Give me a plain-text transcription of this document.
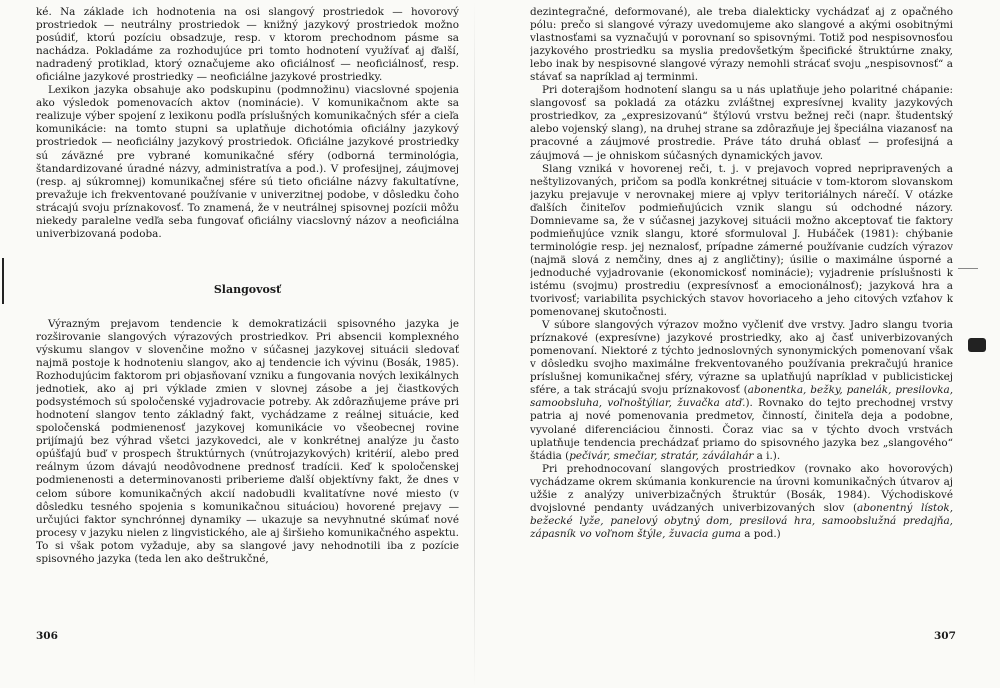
ké. Na základe ich hodnotenia na osi slangový prostriedok — hovorový prostriedok — neutrálny prostriedok — knižný jazykový prostriedok možno posúdiť, ktorú pozíciu obsadzuje, resp. v ktorom prechodnom pásme sa nachádza. Pokladáme za rozhodujúce pri tomto hodnotení využívať aj ďalší, nadradený protiklad, ktorý označujeme ako oficiálnosť — neoficiálnosť, resp. oficiálne jazykové prostriedky — neoficiálne jazykové prostriedky.

Lexikon jazyka obsahuje ako podskupinu (podmnožinu) viacslovné spojenia ako výsledok pomenovacích aktov (nominácie). V komunikačnom akte sa realizuje výber spojení z lexikonu podľa príslušných komunikačných sfér a cieľa komunikácie: na tomto stupni sa uplatňuje dichotómia oficiálny jazykový prostriedok — neoficiálny jazykový prostriedok. Oficiálne jazykové prostriedky sú záväzné pre vybrané komunikačné sféry (odborná terminológia, štandardizované úradné názvy, administratíva a pod.). V profesijnej, záujmovej (resp. aj súkromnej) komunikačnej sfére sú tieto oficiálne názvy fakultatívne, prevažuje ich frekventované používanie v univerzitnej podobe, v dôsledku čoho strácajú svoju príznakovosť. To znamená, že v neutrálnej spisovnej pozícii môžu niekedy paralelne vedľa seba fungovať oficiálny viacslovný názov a neoficiálna univerbizovaná podoba.

Slangovosť

Výrazným prejavom tendencie k demokratizácii spisovného jazyka je rozširovanie slangových výrazových prostriedkov. Pri absencii komplexného výskumu slangov v slovenčine možno v súčasnej jazykovej situácii sledovať najmä postoje k hodnoteniu slangov, ako aj tendencie ich vývinu (Bosák, 1985). Rozhodujúcim faktorom pri objasňovaní vzniku a fungovania nových lexikálnych jednotiek, ako aj pri výklade zmien v slovnej zásobe a jej čiastkových podsystémoch sú spoločenské vyjadrovacie potreby. Ak zdôrazňujeme práve pri hodnotení slangov tento základný fakt, vychádzame z reálnej situácie, keď spoločenská podmienenosť jazykovej komunikácie vo všeobecnej rovine prijímajú bez výhrad všetci jazykovedci, ale v konkrétnej analýze ju často opúšťajú buď v prospech štruktúrnych (vnútrojazykových) kritérií, alebo pred reálnym úzom dávajú neodôvodnene prednosť tradícii. Keď k spoločenskej podmienenosti a determinovanosti priberieme ďalší objektívny fakt, že dnes v celom súbore komunikačných akcií nadobudli kvalitatívne nové miesto (v dôsledku tesného spojenia s komunikačnou situáciou) hovorené prejavy — určujúci faktor synchrónnej dynamiky — ukazuje sa nevyhnutné skúmať nové procesy v jazyku nielen z lingvistického, ale aj širšieho komunikačného aspektu. To si však potom vyžaduje, aby sa slangové javy nehodnotili iba z pozície spisovného jazyka (teda len ako deštrukčné,

dezintegračné, deformované), ale treba dialekticky vychádzať aj z opačného pólu: prečo si slangové výrazy uvedomujeme ako slangové a akými osobitnými vlastnosťami sa vyznačujú v porovnaní so spisovnými. Totiž pod nespisovnosťou jazykového prostriedku sa myslia predovšetkým špecifické štruktúrne znaky, lebo inak by nespisovné slangové výrazy nemohli strácať svoju „nespisovnosť“ a stávať sa napríklad aj terminmi.

Pri doterajšom hodnotení slangu sa u nás uplatňuje jeho polaritné chápanie: slangovosť sa pokladá za otázku zvláštnej expresívnej kvality jazykových prostriedkov, za „expresizovanú“ štýlovú vrstvu bežnej reči (napr. študentský alebo vojenský slang), na druhej strane sa zdôrazňuje jej špeciálna viazanosť na pracovné a záujmové prostredie. Práve táto druhá oblasť — profesijná a záujmová — je ohniskom súčasných dynamických javov.

Slang vzniká v hovorenej reči, t. j. v prejavoch vopred nepripravených a neštylizovaných, pričom sa podľa konkrétnej situácie v tom-ktorom slovanskom jazyku prejavuje v nerovnakej miere aj vplyv teritoriálnych nárečí. V otázke ďalších činiteľov podmieňujúcich vznik slangu sú odchodné názory. Domnievame sa, že v súčasnej jazykovej situácii možno akceptovať tie faktory podmieňujúce vznik slangu, ktoré sformuloval J. Hubáček (1981): chýbanie terminológie resp. jej neznalosť, prípadne zámerné používanie cudzích výrazov (najmä slová z nemčiny, dnes aj z angličtiny); úsilie o maximálne úsporné a jednoduché vyjadrovanie (ekonomickosť nominácie); vyjadrenie príslušnosti k istému (svojmu) prostrediu (expresívnosť a emocionálnosť); jazyková hra a tvorivosť; variabilita psychických stavov hovoriaceho a jeho citových vzťahov k pomenovanej skutočnosti.

V súbore slangových výrazov možno vyčleniť dve vrstvy. Jadro slangu tvoria príznakové (expresívne) jazykové prostriedky, ako aj časť univerbizovaných pomenovaní. Niektoré z týchto jednoslovných synonymických pomenovaní však v dôsledku svojho maximálne frekventovaného používania prekračujú hranice príslušnej komunikačnej sféry, výrazne sa uplatňujú napríklad v publicistickej sfére, a tak strácajú svoju príznakovosť (abonentka, bežky, panelák, presilovka, samoobsluha, voľnoštýliar, žuvačka atď.). Rovnako do tejto prechodnej vrstvy patria aj nové pomenovania predmetov, činností, činiteľa deja a podobne, vyvolané diferenciáciou činnosti. Čoraz viac sa v týchto dvoch vrstvách uplatňuje tendencia prechádzať priamo do spisovného jazyka bez „slangového“ štádia (pečivár, smečiar, stratár, záválahár a i.).

Pri prehodnocovaní slangových prostriedkov (rovnako ako hovorových) vychádzame okrem skúmania konkurencie na úrovni komunikačných útvarov aj užšie z analýzy univerbizačných štruktúr (Bosák, 1984). Východiskové dvojslovné pendanty uvádzaných univerbizovaných slov (abonentný lístok, bežecké lyže, panelový obytný dom, presilová hra, samoobslužná predajňa, zápasník vo voľnom štýle, žuvacia guma a pod.)

306	307
